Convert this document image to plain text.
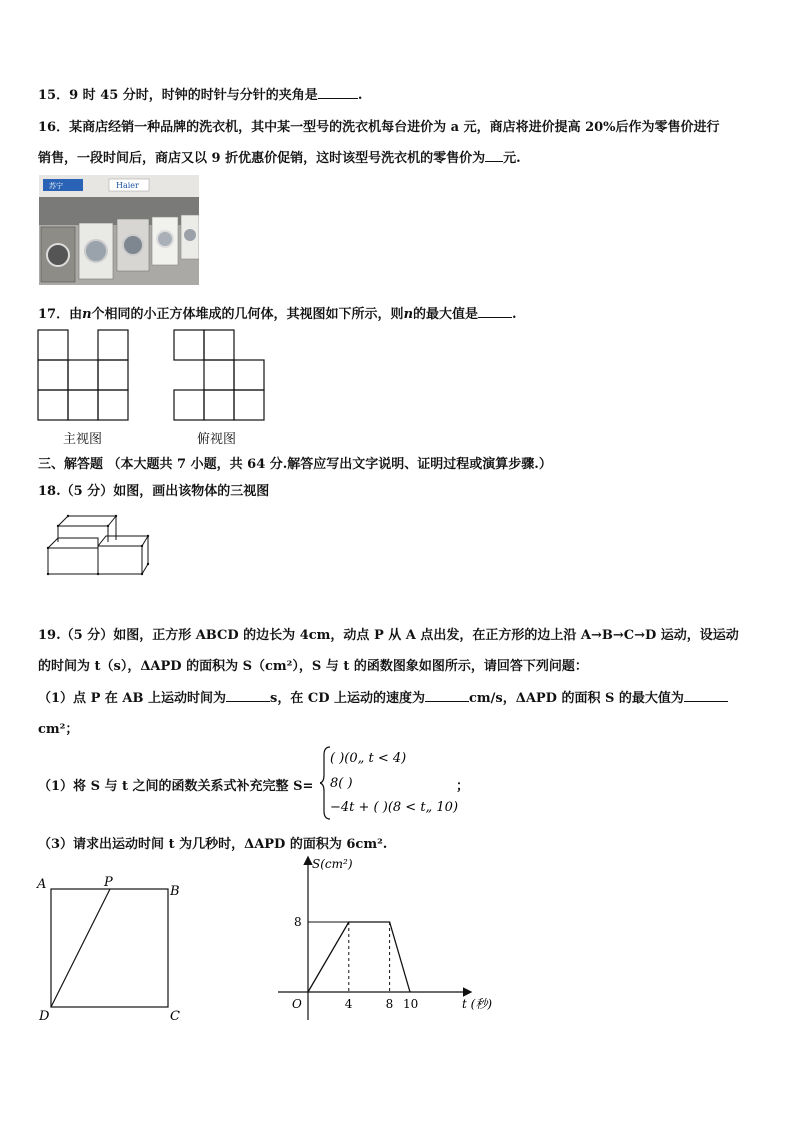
15．9 时 45 分时，时钟的时针与分针的夹角是	.
16．某商店经销一种品牌的洗衣机，其中某一型号的洗衣机每台进价为 a 元，商店将进价提高 20%后作为零售价进行
销售，一段时间后，商店又以 9 折优惠价促销，这时该型号洗衣机的零售价为 元.
苏宁	Haier
17．由n个相同的小正方体堆成的几何体，其视图如下所示，则n的最大值是	.
主视图	俯视图
三、解答题 （本大题共 7 小题，共 64 分.解答应写出文字说明、证明过程或演算步骤.）
18.（5 分）如图，画出该物体的三视图
19.（5 分）如图，正方形 ABCD 的边长为 4cm，动点 P 从 A 点出发，在正方形的边上沿 A→B→C→D 运动，设运动
的时间为 t（s），ΔAPD 的面积为 S（cm²），S 与 t 的函数图象如图所示，请回答下列问题：
（1）点 P 在 AB 上运动时间为	s，在 CD 上运动的速度为	cm/s，ΔAPD 的面积 S 的最大值为
cm²；
（1）将 S 与 t 之间的函数关系式补充完整 S=
( )(0„ t < 4)
8( )
−4t + ( )(8 < t„ 10)
；
（3）请求出运动时间 t 为几秒时，ΔAPD 的面积为 6cm².
A	P
B
D	C
S(cm²)
t (秒)
O
8
4	8 10
